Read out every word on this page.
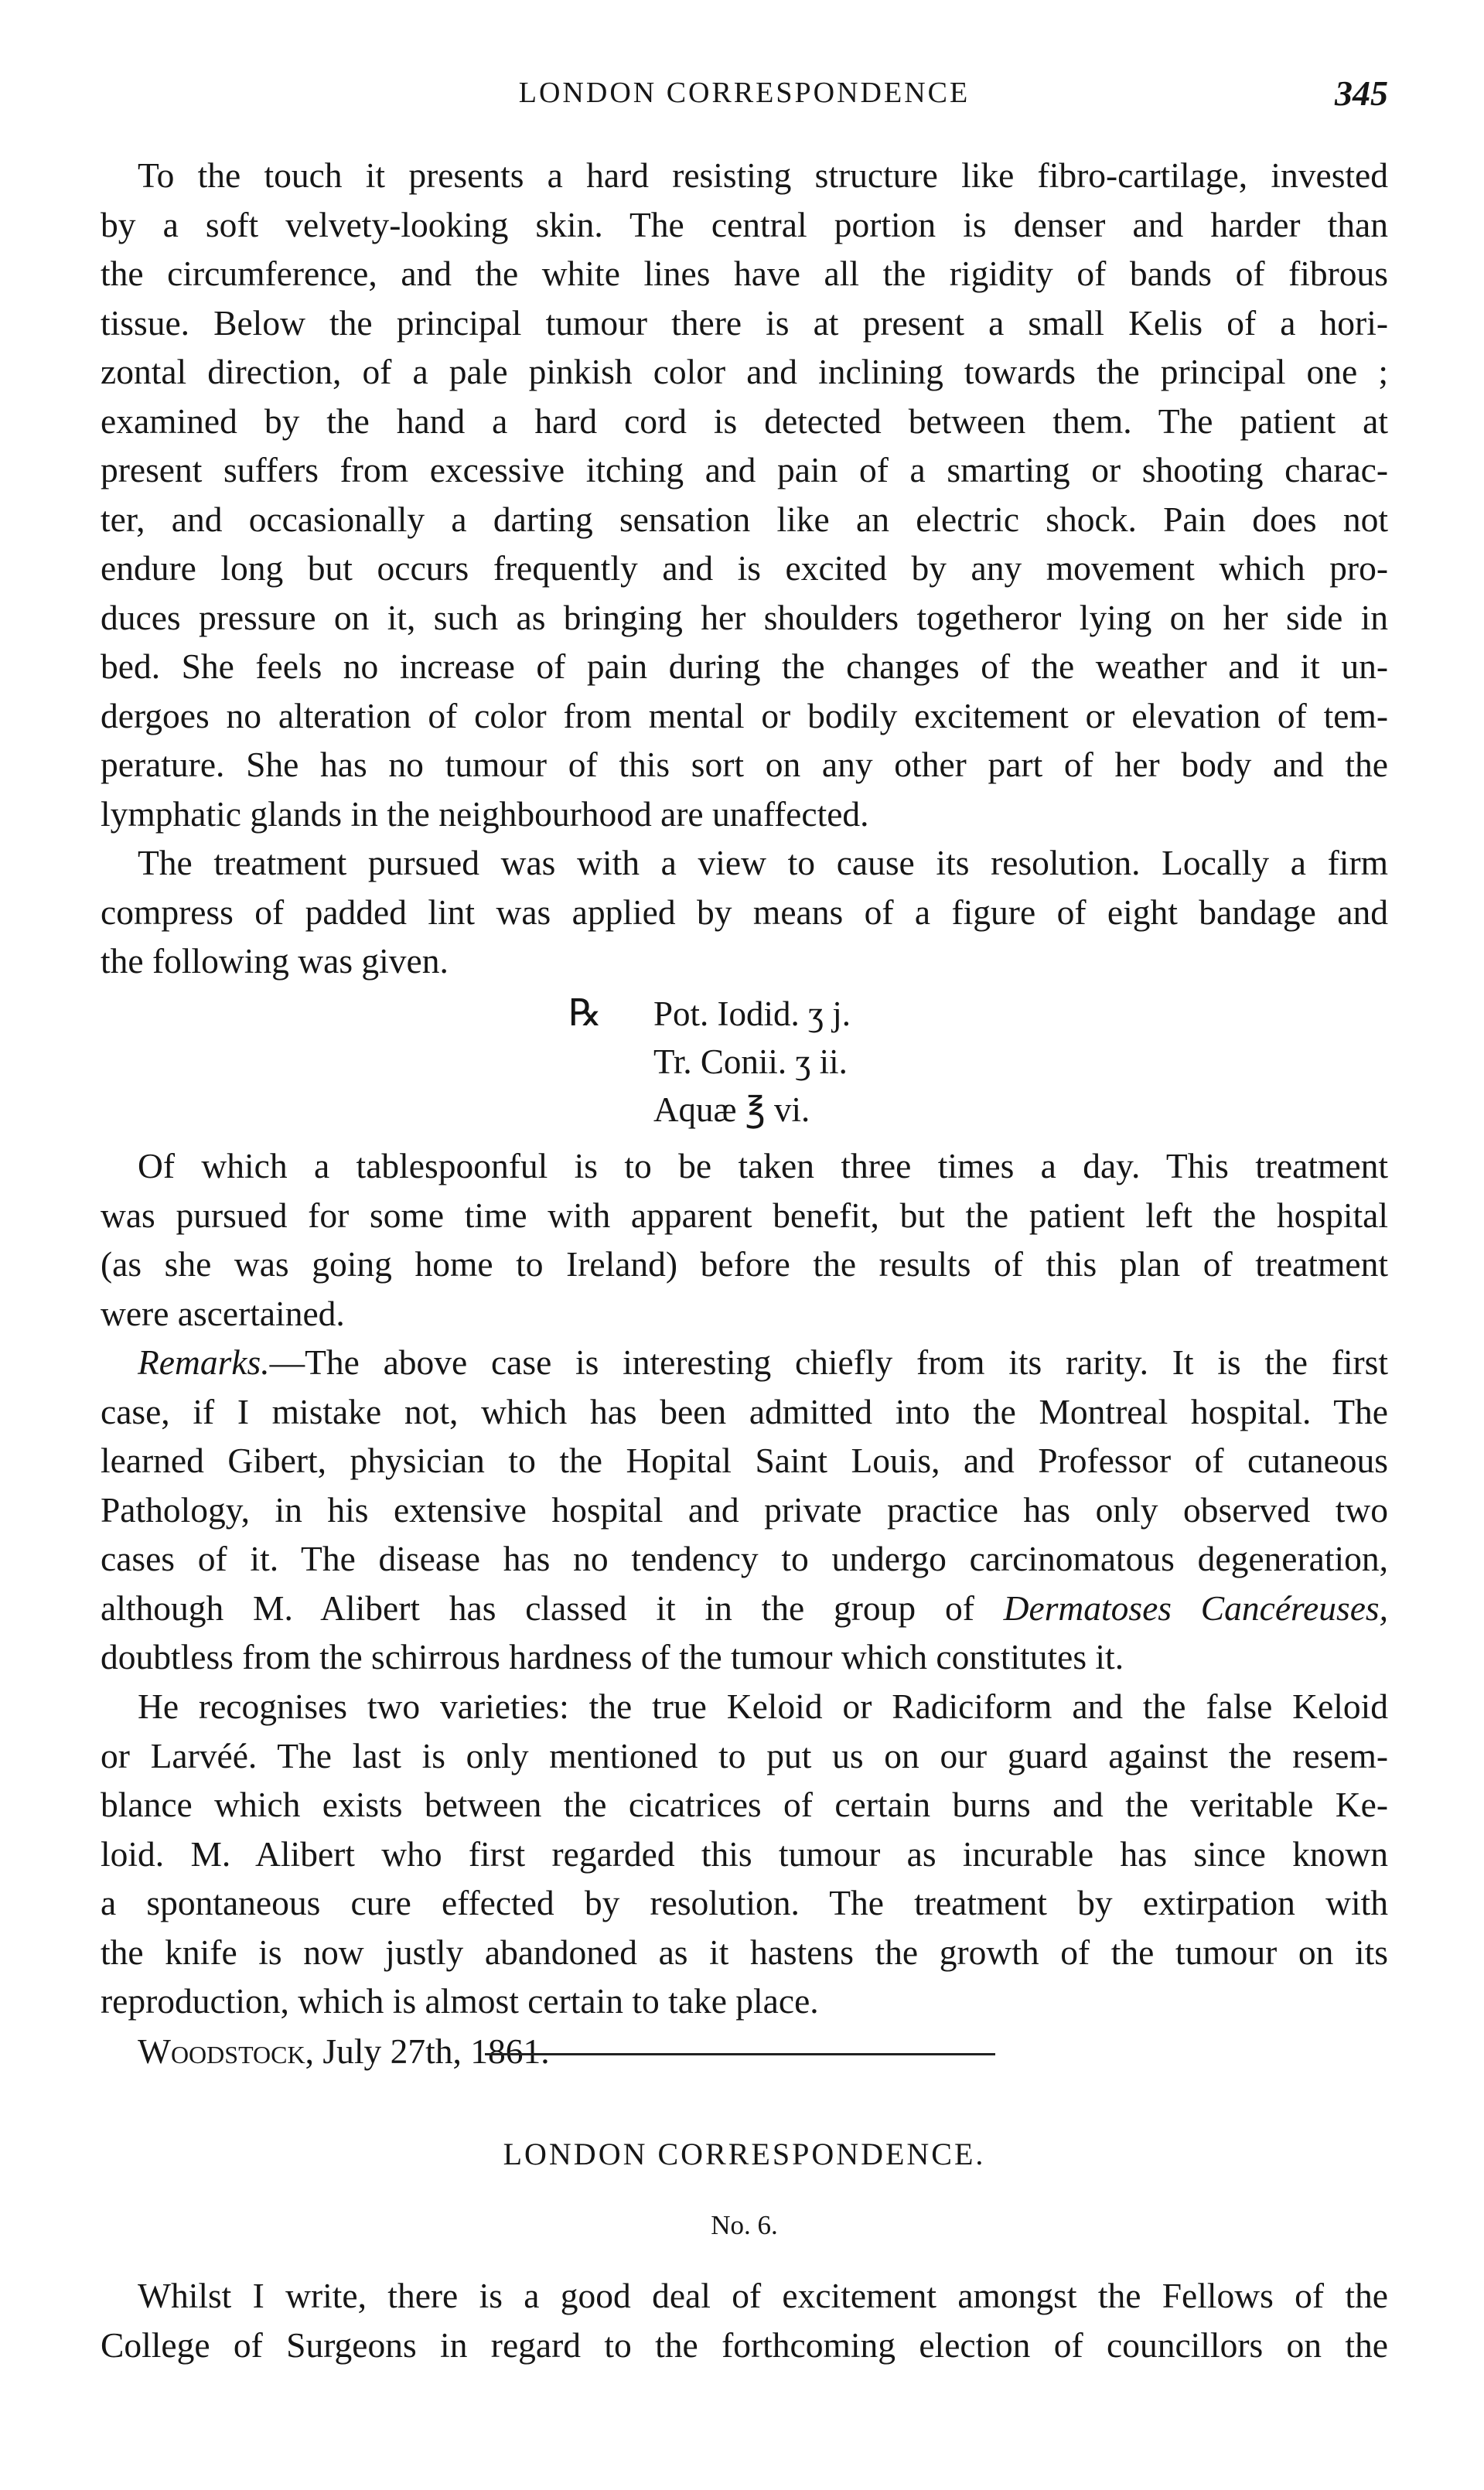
LONDON CORRESPONDENCE	345

To the touch it presents a hard resisting structure like fibro-cartilage, invested

by a soft velvety-looking skin. The central portion is denser and harder than

the circumference, and the white lines have all the rigidity of bands of fibrous

tissue. Below the principal tumour there is at present a small Kelis of a hori-

zontal direction, of a pale pinkish color and inclining towards the principal one ;

examined by the hand a hard cord is detected between them. The patient at

present suffers from excessive itching and pain of a smarting or shooting charac-

ter, and occasionally a darting sensation like an electric shock. Pain does not

endure long but occurs frequently and is excited by any movement which pro-

duces pressure on it, such as bringing her shoulders togetheror lying on her side in

bed. She feels no increase of pain during the changes of the weather and it un-

dergoes no alteration of color from mental or bodily excitement or elevation of tem-

perature. She has no tumour of this sort on any other part of her body and the

lymphatic glands in the neighbourhood are unaffected.

The treatment pursued was with a view to cause its resolution. Locally a firm

compress of padded lint was applied by means of a figure of eight bandage and

the following was given.

℞	Pot. Iodid. ʒ j.
Tr. Conii. ʒ ii.
Aquæ ℥ vi.

Of which a tablespoonful is to be taken three times a day. This treatment

was pursued for some time with apparent benefit, but the patient left the hospital

(as she was going home to Ireland) before the results of this plan of treatment

were ascertained.

Remarks.—The above case is interesting chiefly from its rarity. It is the first

case, if I mistake not, which has been admitted into the Montreal hospital. The

learned Gibert, physician to the Hopital Saint Louis, and Professor of cutaneous

Pathology, in his extensive hospital and private practice has only observed two

cases of it. The disease has no tendency to undergo carcinomatous degeneration,

although M. Alibert has classed it in the group of Dermatoses Cancéreuses,

doubtless from the schirrous hardness of the tumour which constitutes it.

He recognises two varieties: the true Keloid or Radiciform and the false Keloid

or Larvéé. The last is only mentioned to put us on our guard against the resem-

blance which exists between the cicatrices of certain burns and the veritable Ke-

loid. M. Alibert who first regarded this tumour as incurable has since known

a spontaneous cure effected by resolution. The treatment by extirpation with

the knife is now justly abandoned as it hastens the growth of the tumour on its

reproduction, which is almost certain to take place.

Woodstock, July 27th, 1861.

LONDON CORRESPONDENCE.
No. 6.

Whilst I write, there is a good deal of excitement amongst the Fellows of the

College of Surgeons in regard to the forthcoming election of councillors on the
